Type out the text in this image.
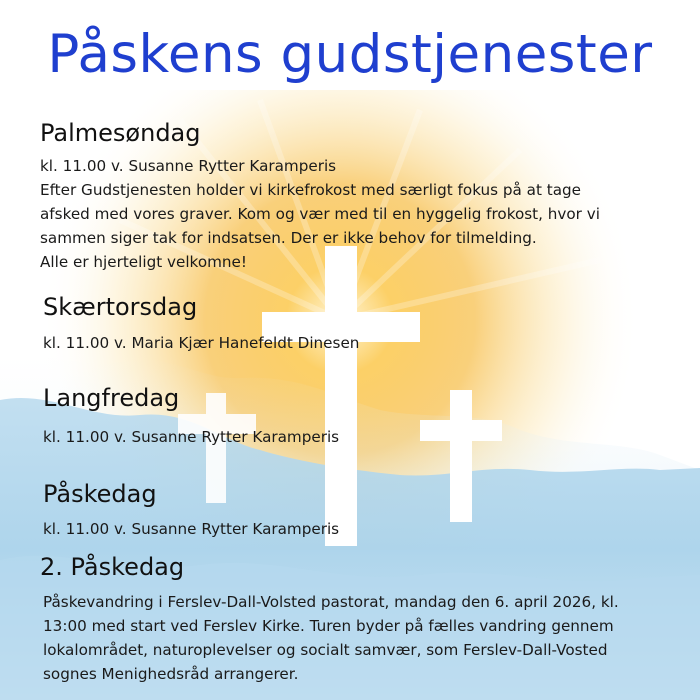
Påskens gudstjenester
Palmesøndag
kl. 11.00 v. Susanne Rytter Karamperis
Efter Gudstjenesten holder vi kirkefrokost med særligt fokus på at tage
afsked med vores graver. Kom og vær med til en hyggelig frokost, hvor vi
sammen siger tak for indsatsen. Der er ikke behov for tilmelding.
Alle er hjerteligt velkomne!
Skærtorsdag
kl. 11.00 v. Maria Kjær Hanefeldt Dinesen
Langfredag
kl. 11.00 v. Susanne Rytter Karamperis
Påskedag
kl. 11.00 v. Susanne Rytter Karamperis
2. Påskedag
Påskevandring i Ferslev-Dall-Volsted pastorat, mandag den 6. april 2026, kl.
13:00 med start ved Ferslev Kirke. Turen byder på fælles vandring gennem
lokalområdet, naturoplevelser og socialt samvær, som Ferslev-Dall-Vosted
sognes Menighedsråd arrangerer.
